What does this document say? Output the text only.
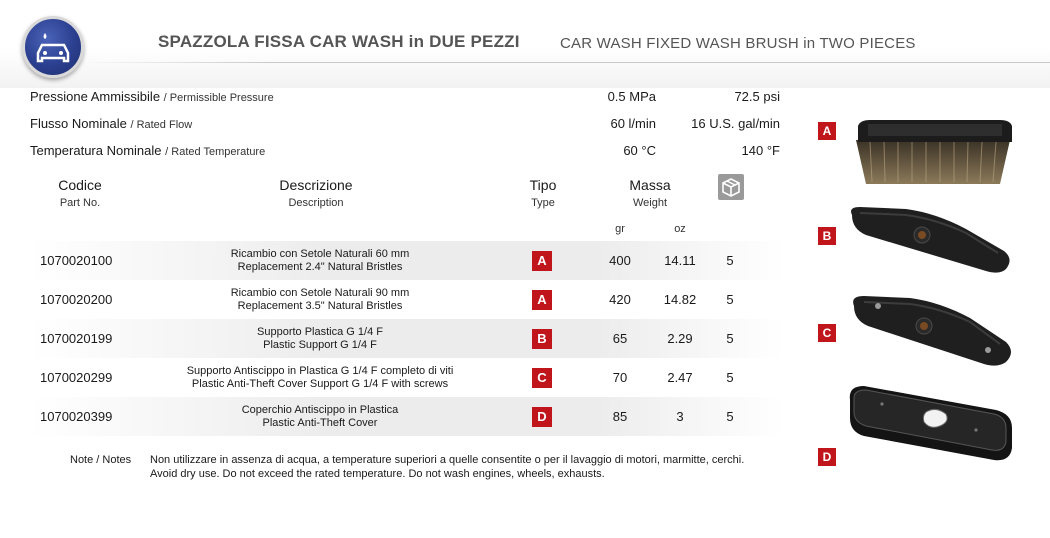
SPAZZOLA FISSA CAR WASH in DUE PEZZI	CAR WASH FIXED WASH BRUSH in TWO PIECES
Pressione Ammissibile / Permissible Pressure	0.5 MPa	72.5 psi
Flusso Nominale / Rated Flow	60 l/min	16 U.S. gal/min
Temperatura Nominale / Rated Temperature	60 °C	140 °F
Codice
Part No.
Descrizione
Description
Tipo
Type
Massa
Weight
gr	oz
1070020100	Ricambio con Setole Naturali 60 mm
Replacement 2.4" Natural Bristles	A	400	14.11	5
1070020200	Ricambio con Setole Naturali 90 mm
Replacement 3.5" Natural Bristles	A	420	14.82	5
1070020199	Supporto Plastica G 1/4 F
Plastic Support G 1/4 F	B	65	2.29	5
1070020299	Supporto Antiscippo in Plastica G 1/4 F completo di viti
Plastic Anti-Theft Cover Support G 1/4 F with screws	C	70	2.47	5
1070020399	Coperchio Antiscippo in Plastica
Plastic Anti-Theft Cover	D	85	3	5
A
B
C
D
Note / Notes Non utilizzare in assenza di acqua, a temperature superiori a quelle consentite o per il lavaggio di motori, marmitte, cerchi.
Avoid dry use. Do not exceed the rated temperature. Do not wash engines, wheels, exhausts.
